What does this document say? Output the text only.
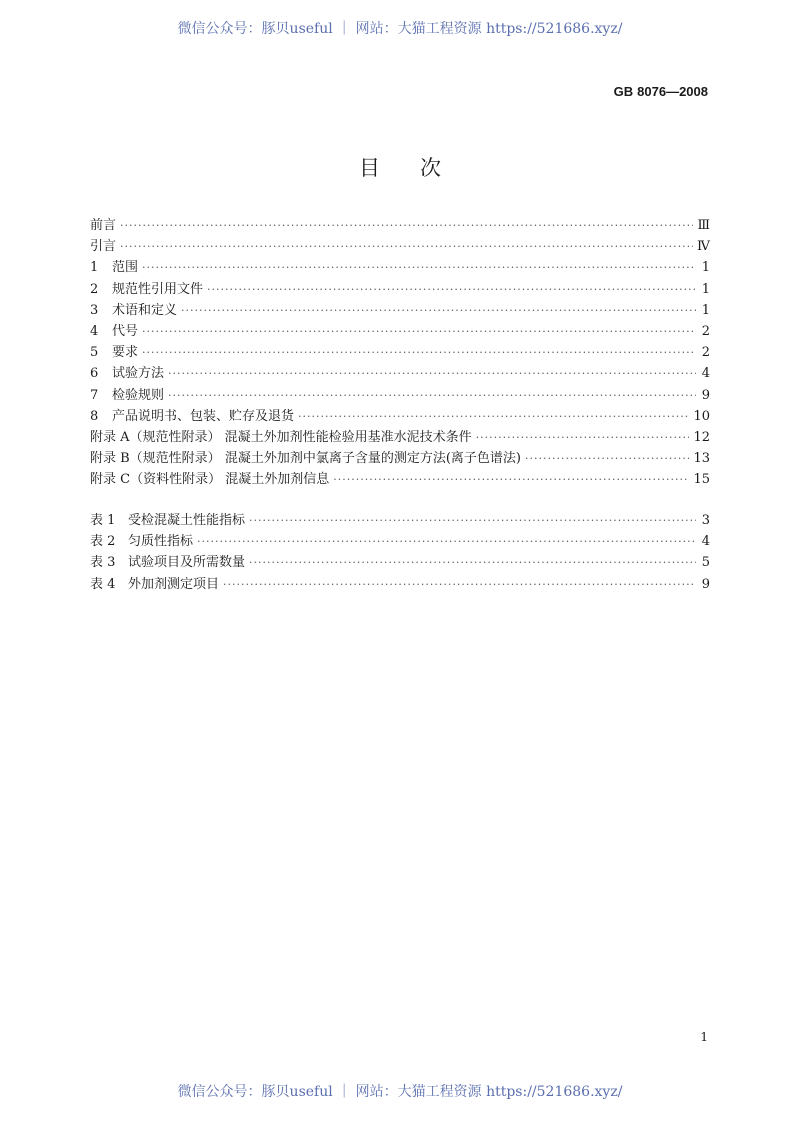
微信公众号：豚贝useful ｜ 网站：大猫工程资源 https://521686.xyz/
GB 8076—2008
目次
前言 ·····	Ⅲ
引言 ·····	Ⅳ
1	范围 ·····	1
2	规范性引用文件 ·····	1
3	术语和定义 ·····	1
4	代号 ·····	2
5	要求 ·····	2
6	试验方法 ·····	4
7	检验规则 ·····	9
8	产品说明书、包装、贮存及退货 ·····	10
附录 A（规范性附录） 混凝土外加剂性能检验用基准水泥技术条件 ·····	12
附录 B（规范性附录） 混凝土外加剂中氯离子含量的测定方法(离子色谱法) ·····	13
附录 C（资料性附录） 混凝土外加剂信息 ·····	15
表 1 受检混凝土性能指标 ·····	3
表 2 匀质性指标 ·····	4
表 3 试验项目及所需数量 ·····	5
表 4 外加剂测定项目 ·····	9
1
微信公众号：豚贝useful ｜ 网站：大猫工程资源 https://521686.xyz/
